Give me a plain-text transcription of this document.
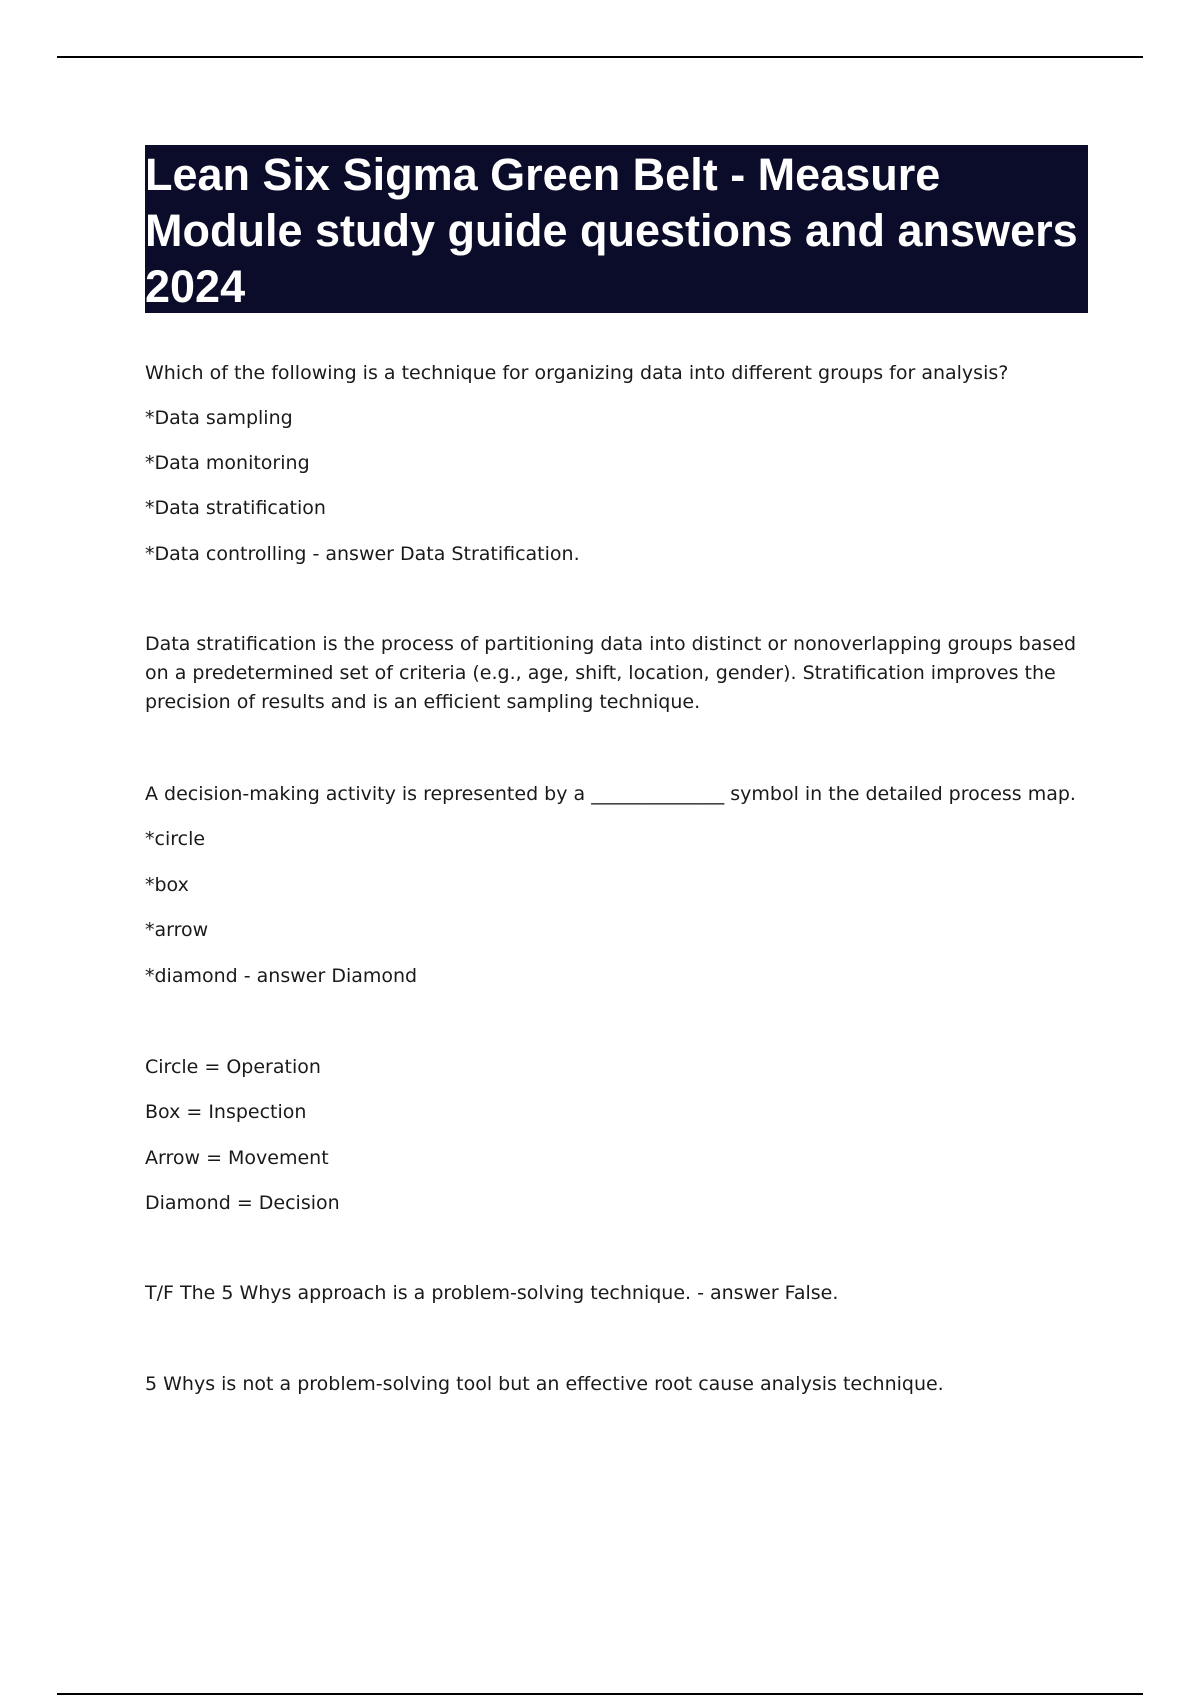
Lean Six Sigma Green Belt - Measure Module study guide questions and answers 2024
Which of the following is a technique for organizing data into different groups for analysis?
*Data sampling
*Data monitoring
*Data stratification
*Data controlling - answer Data Stratification.
Data stratification is the process of partitioning data into distinct or nonoverlapping groups based on a predetermined set of criteria (e.g., age, shift, location, gender). Stratification improves the precision of results and is an efficient sampling technique.
A decision-making activity is represented by a ______________ symbol in the detailed process map.
*circle
*box
*arrow
*diamond - answer Diamond
Circle = Operation
Box = Inspection
Arrow = Movement
Diamond = Decision
T/F The 5 Whys approach is a problem-solving technique. - answer False.
5 Whys is not a problem-solving tool but an effective root cause analysis technique.
